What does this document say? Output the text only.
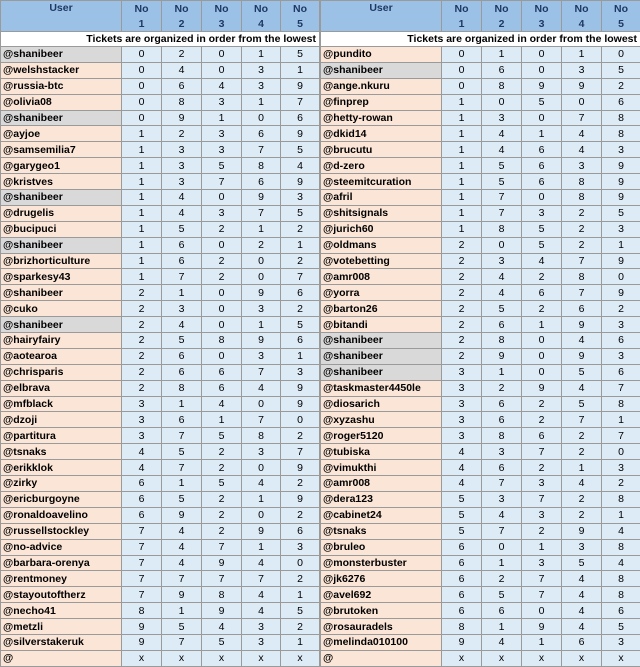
User	No	No	No	No	No
	1	2	3	4	5
Tickets are organized in order from the lowest					
@shanibeer	0	2	0	1	5
@welshstacker	0	4	0	3	1
@russia-btc	0	6	4	3	9
@olivia08	0	8	3	1	7
@shanibeer	0	9	1	0	6
@ayjoe	1	2	3	6	9
@samsemilia7	1	3	3	7	5
@garygeo1	1	3	5	8	4
@kristves	1	3	7	6	9
@shanibeer	1	4	0	9	3
@drugelis	1	4	3	7	5
@bucipuci	1	5	2	1	2
@shanibeer	1	6	0	2	1
@brizhorticulture	1	6	2	0	2
@sparkesy43	1	7	2	0	7
@shanibeer	2	1	0	9	6
@cuko	2	3	0	3	2
@shanibeer	2	4	0	1	5
@hairyfairy	2	5	8	9	6
@aotearoa	2	6	0	3	1
@chrisparis	2	6	6	7	3
@elbrava	2	8	6	4	9
@mfblack	3	1	4	0	9
@dzoji	3	6	1	7	0
@partitura	3	7	5	8	2
@tsnaks	4	5	2	3	7
@erikklok	4	7	2	0	9
@zirky	6	1	5	4	2
@ericburgoyne	6	5	2	1	9
@ronaldoavelino	6	9	2	0	2
@russellstockley	7	4	2	9	6
@no-advice	7	4	7	1	3
@barbara-orenya	7	4	9	4	0
@rentmoney	7	7	7	7	2
@stayoutoftherz	7	9	8	4	1
@necho41	8	1	9	4	5
@metzli	9	5	4	3	2
@silverstakeruk	9	7	5	3	1
@	x	x	x	x	x
User	No	No	No	No	No
	1	2	3	4	5
Tickets are organized in order from the lowest					
@pundito	0	1	0	1	0
@shanibeer	0	6	0	3	5
@ange.nkuru	0	8	9	9	2
@finprep	1	0	5	0	6
@hetty-rowan	1	3	0	7	8
@dkid14	1	4	1	4	8
@brucutu	1	4	6	4	3
@d-zero	1	5	6	3	9
@steemitcuration	1	5	6	8	9
@afril	1	7	0	8	9
@shitsignals	1	7	3	2	5
@jurich60	1	8	5	2	3
@oldmans	2	0	5	2	1
@votebetting	2	3	4	7	9
@amr008	2	4	2	8	0
@yorra	2	4	6	7	9
@barton26	2	5	2	6	2
@bitandi	2	6	1	9	3
@shanibeer	2	8	0	4	6
@shanibeer	2	9	0	9	3
@shanibeer	3	1	0	5	6
@taskmaster4450le	3	2	9	4	7
@diosarich	3	6	2	5	8
@xyzashu	3	6	2	7	1
@roger5120	3	8	6	2	7
@tubiska	4	3	7	2	0
@vimukthi	4	6	2	1	3
@amr008	4	7	3	4	2
@dera123	5	3	7	2	8
@cabinet24	5	4	3	2	1
@tsnaks	5	7	2	9	4
@bruleo	6	0	1	3	8
@monsterbuster	6	1	3	5	4
@jk6276	6	2	7	4	8
@avel692	6	5	7	4	8
@brutoken	6	6	0	4	6
@rosauradels	8	1	9	4	5
@melinda010100	9	4	1	6	3
@	x	x	x	x	x
